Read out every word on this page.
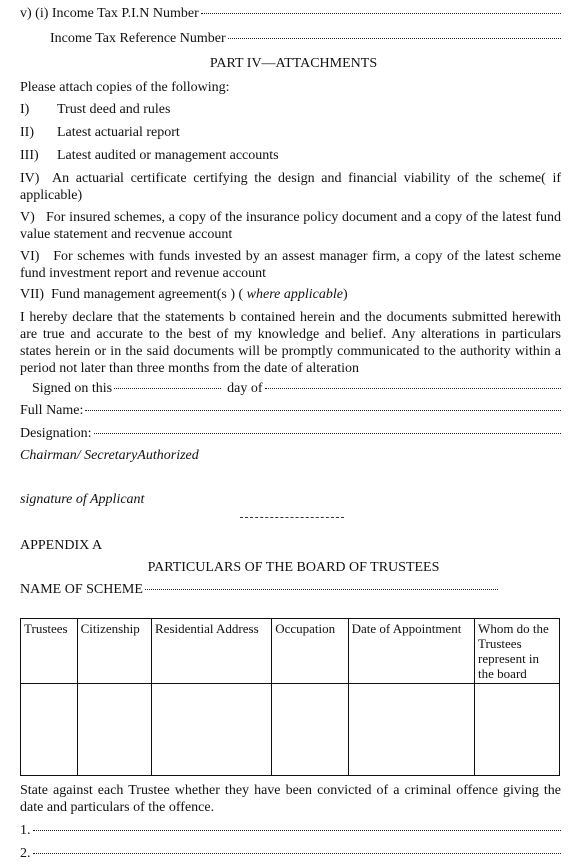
v) (i) Income Tax P.I.N Number
Income Tax Reference Number
PART IV—ATTACHMENTS
Please attach copies of the following:
I) Trust deed and rules
II) Latest actuarial report
III) Latest audited or management accounts
IV) An actuarial certificate certifying the design and financial viability of the scheme( if applicable)
V) For insured schemes, a copy of the insurance policy document and a copy of the latest fund value statement and recvenue account
VI) For schemes with funds invested by an assest manager firm, a copy of the latest scheme fund investment report and revenue account
VII) Fund management agreement(s ) ( where applicable)
I hereby declare that the statements b contained herein and the documents submitted herewith are true and accurate to the best of my knowledge and belief. Any alterations in particulars states herein or in the said documents will be promptly communicated to the authority within a period not later than three months from the date of alteration
Signed on this	day of
Full Name:
Designation:
Chairman/ SecretaryAuthorized
signature of Applicant
APPENDIX A
PARTICULARS OF THE BOARD OF TRUSTEES
NAME OF SCHEME
Trustees	Citizenship	Residential Address	Occupation	Date of Appointment	Whom do the Trustees represent in the board

State against each Trustee whether they have been convicted of a criminal offence giving the date and particulars of the offence.
1.
2.
